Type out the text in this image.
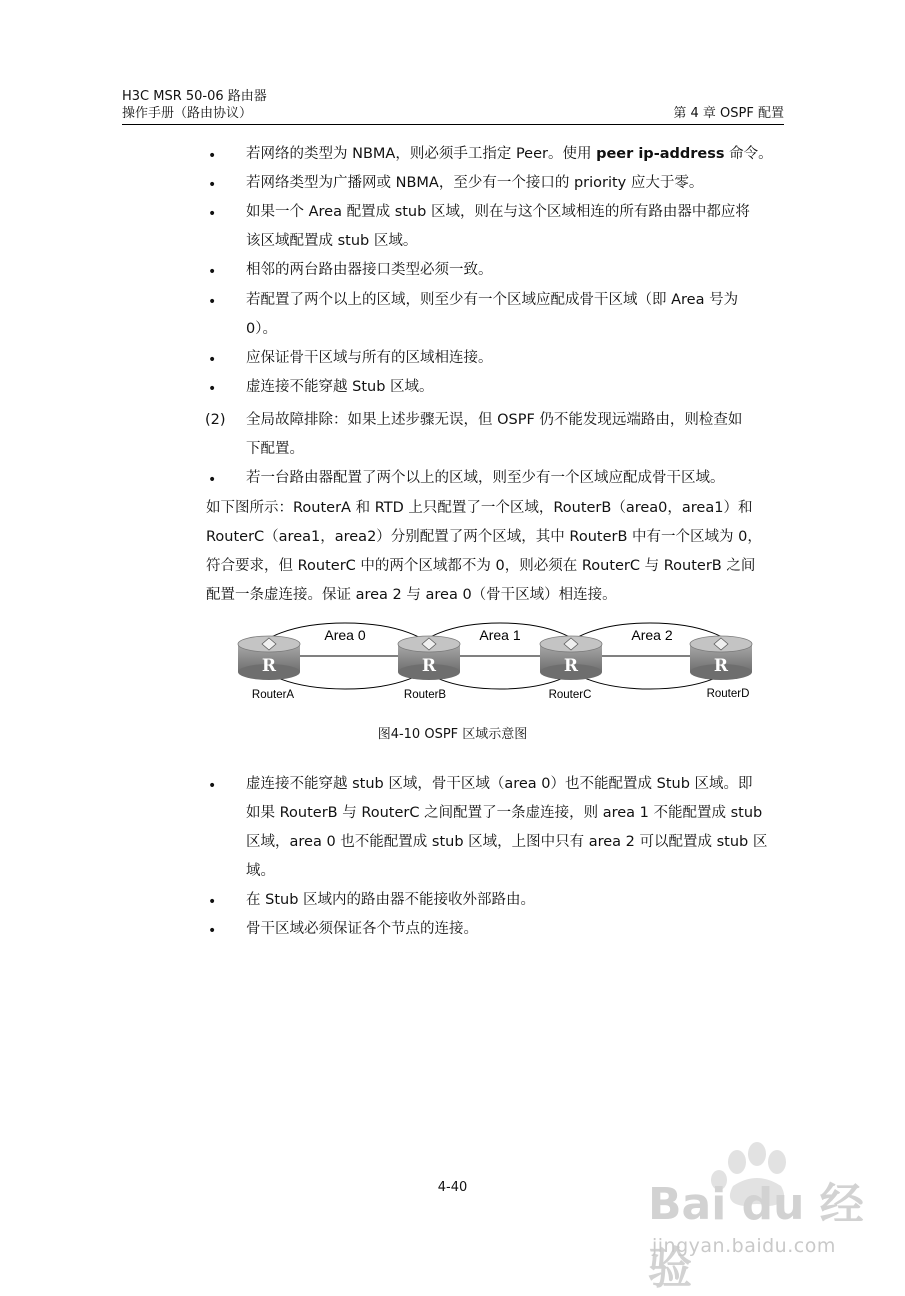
H3C MSR 50-06 路由器
操作手册（路由协议）	第 4 章 OSPF 配置
• 若网络的类型为 NBMA，则必须手工指定 Peer。使用 peer ip-address 命令。
• 若网络类型为广播网或 NBMA，至少有一个接口的 priority 应大于零。
• 如果一个 Area 配置成 stub 区域，则在与这个区域相连的所有路由器中都应将
该区域配置成 stub 区域。
• 相邻的两台路由器接口类型必须一致。
• 若配置了两个以上的区域，则至少有一个区域应配成骨干区域（即 Area 号为
0）。
• 应保证骨干区域与所有的区域相连接。
• 虚连接不能穿越 Stub 区域。
(2) 全局故障排除：如果上述步骤无误，但 OSPF 仍不能发现远端路由，则检查如
下配置。
• 若一台路由器配置了两个以上的区域，则至少有一个区域应配成骨干区域。
如下图所示：RouterA 和 RTD 上只配置了一个区域，RouterB（area0，area1）和
RouterC（area1，area2）分别配置了两个区域，其中 RouterB 中有一个区域为 0，
符合要求，但 RouterC 中的两个区域都不为 0，则必须在 RouterC 与 RouterB 之间
配置一条虚连接。保证 area 2 与 area 0（骨干区域）相连接。
Area 0	Area 1	Area 2
R	R	R	R
RouterA	RouterB	RouterC	RouterD
图4-10 OSPF 区域示意图
• 虚连接不能穿越 stub 区域，骨干区域（area 0）也不能配置成 Stub 区域。即
如果 RouterB 与 RouterC 之间配置了一条虚连接，则 area 1 不能配置成 stub
区域，area 0 也不能配置成 stub 区域，上图中只有 area 2 可以配置成 stub 区
域。
• 在 Stub 区域内的路由器不能接收外部路由。
• 骨干区域必须保证各个节点的连接。
4-40	Bai du 经验
jingyan.baidu.com
